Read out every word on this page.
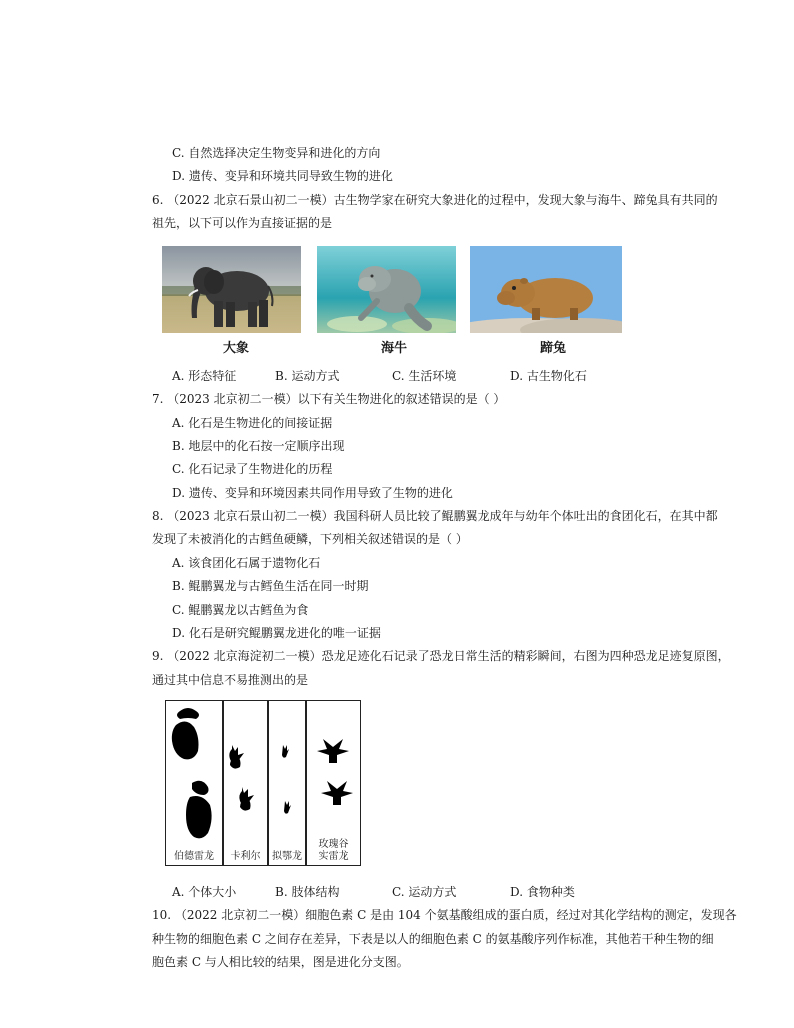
C. 自然选择决定生物变异和进化的方向
D. 遗传、变异和环境共同导致生物的进化
6. （2022 北京石景山初二一模）古生物学家在研究大象进化的过程中，发现大象与海牛、蹄兔具有共同的
祖先，以下可以作为直接证据的是
大象	海牛	蹄兔
A. 形态特征	B. 运动方式	C. 生活环境	D. 古生物化石
7. （2023 北京初二一模）以下有关生物进化的叙述错误的是（ ）
A. 化石是生物进化的间接证据
B. 地层中的化石按一定顺序出现
C. 化石记录了生物进化的历程
D. 遗传、变异和环境因素共同作用导致了生物的进化
8. （2023 北京石景山初二一模）我国科研人员比较了鲲鹏翼龙成年与幼年个体吐出的食团化石，在其中都
发现了未被消化的古鳕鱼硬鳞，下列相关叙述错误的是（ ）
A. 该食团化石属于遗物化石
B. 鲲鹏翼龙与古鳕鱼生活在同一时期
C. 鲲鹏翼龙以古鳕鱼为食
D. 化石是研究鲲鹏翼龙进化的唯一证据
9. （2022 北京海淀初二一模）恐龙足迹化石记录了恐龙日常生活的精彩瞬间，右图为四种恐龙足迹复原图，
通过其中信息不易推测出的是
伯德雷龙	卡利尔	拟鄂龙
玫瑰谷
实雷龙
A. 个体大小	B. 肢体结构	C. 运动方式	D. 食物种类
10. （2022 北京初二一模）细胞色素 C 是由 104 个氨基酸组成的蛋白质，经过对其化学结构的测定，发现各
种生物的细胞色素 C 之间存在差异，下表是以人的细胞色素 C 的氨基酸序列作标准，其他若干种生物的细
胞色素 C 与人相比较的结果，图是进化分支图。
